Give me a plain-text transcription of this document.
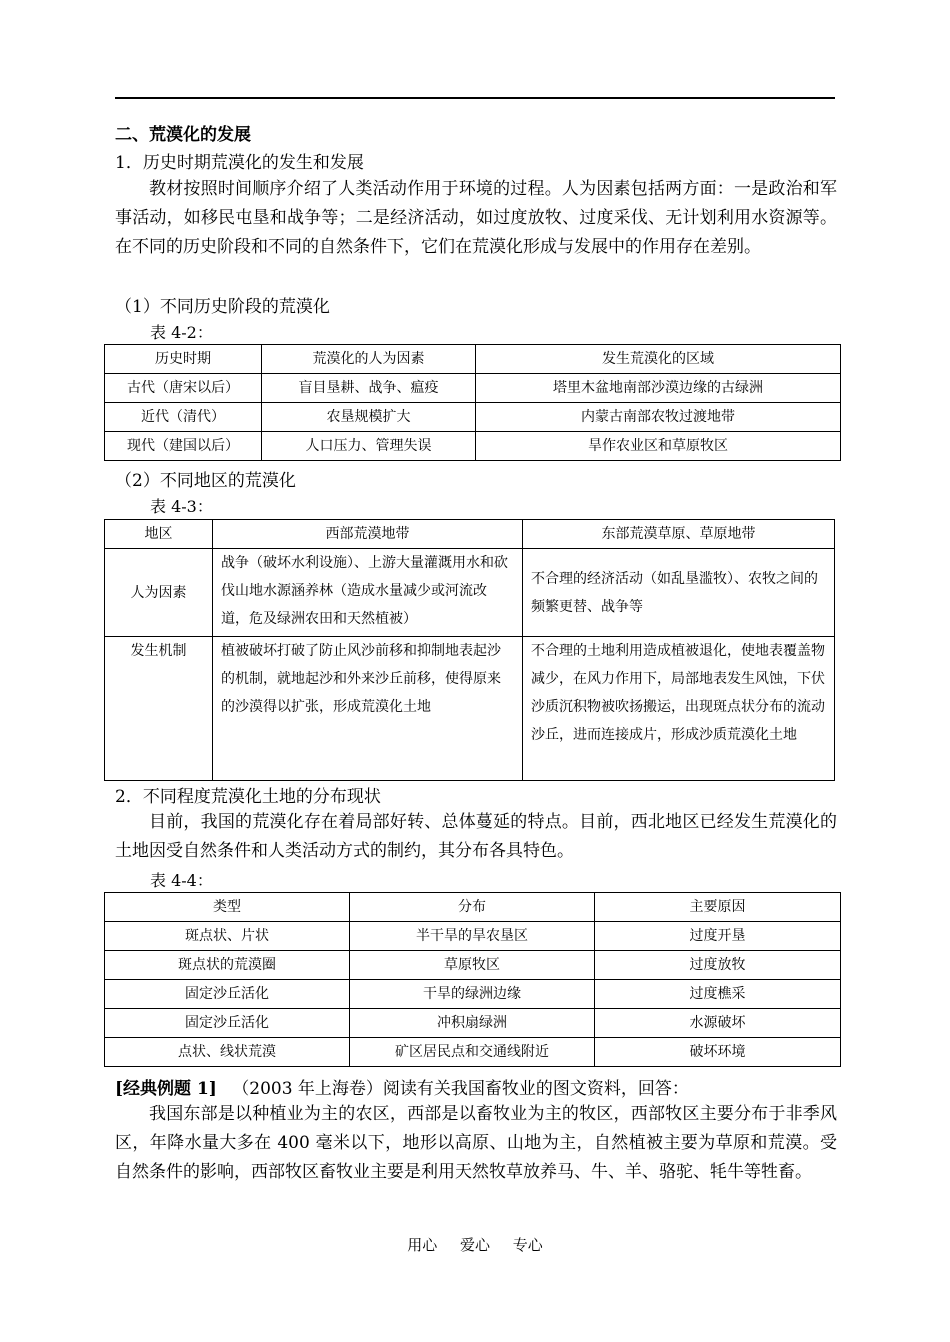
二、荒漠化的发展
1．历史时期荒漠化的发生和发展
教材按照时间顺序介绍了人类活动作用于环境的过程。人为因素包括两方面：一是政治和军事活动，如移民屯垦和战争等；二是经济活动，如过度放牧、过度采伐、无计划利用水资源等。在不同的历史阶段和不同的自然条件下，它们在荒漠化形成与发展中的作用存在差别。
（1）不同历史阶段的荒漠化
表 4-2：
历史时期	荒漠化的人为因素	发生荒漠化的区域
古代（唐宋以后）	盲目垦耕、战争、瘟疫	塔里木盆地南部沙漠边缘的古绿洲
近代（清代）	农垦规模扩大	内蒙古南部农牧过渡地带
现代（建国以后）	人口压力、管理失误	旱作农业区和草原牧区
（2）不同地区的荒漠化
表 4-3：
地区	西部荒漠地带	东部荒漠草原、草原地带
人为因素	战争（破坏水利设施）、上游大量灌溉用水和砍伐山地水源涵养林（造成水量减少或河流改道，危及绿洲农田和天然植被）	不合理的经济活动（如乱垦滥牧）、农牧之间的频繁更替、战争等
发生机制	植被破坏打破了防止风沙前移和抑制地表起沙的机制，就地起沙和外来沙丘前移，使得原来的沙漠得以扩张，形成荒漠化土地	不合理的土地利用造成植被退化，使地表覆盖物减少，在风力作用下，局部地表发生风蚀，下伏沙质沉积物被吹扬搬运，出现斑点状分布的流动沙丘，进而连接成片，形成沙质荒漠化土地
2．不同程度荒漠化土地的分布现状
目前，我国的荒漠化存在着局部好转、总体蔓延的特点。目前，西北地区已经发生荒漠化的土地因受自然条件和人类活动方式的制约，其分布各具特色。
表 4-4：
类型	分布	主要原因
斑点状、片状	半干旱的旱农垦区	过度开垦
斑点状的荒漠圈	草原牧区	过度放牧
固定沙丘活化	干旱的绿洲边缘	过度樵采
固定沙丘活化	冲积扇绿洲	水源破坏
点状、线状荒漠	矿区居民点和交通线附近	破坏环境
[经典例题 1] （2003 年上海卷）阅读有关我国畜牧业的图文资料，回答：
我国东部是以种植业为主的农区，西部是以畜牧业为主的牧区，西部牧区主要分布于非季风区，年降水量大多在 400 毫米以下，地形以高原、山地为主，自然植被主要为草原和荒漠。受自然条件的影响，西部牧区畜牧业主要是利用天然牧草放养马、牛、羊、骆驼、牦牛等牲畜。
用心 爱心 专心
